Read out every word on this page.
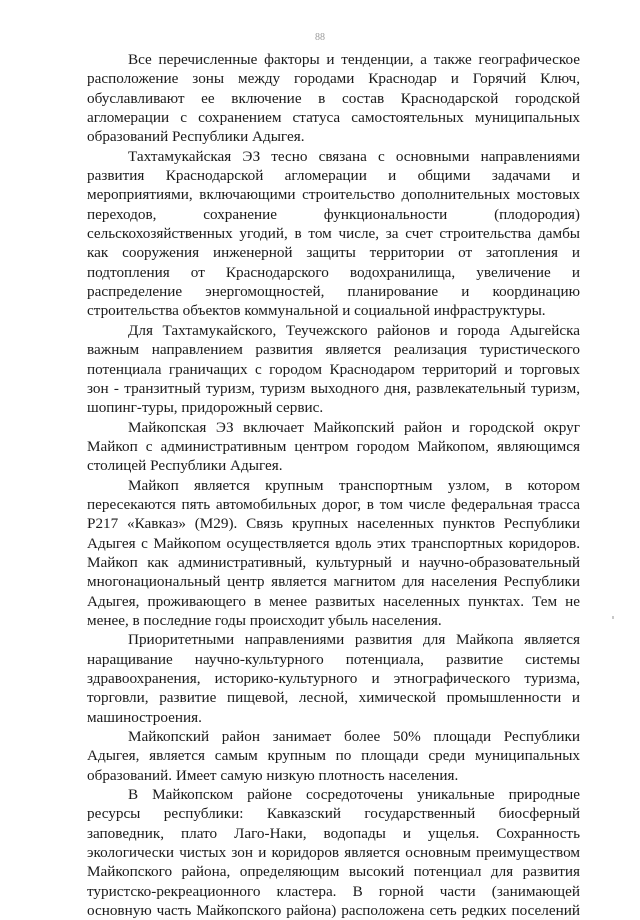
88
Все перечисленные факторы и тенденции, а также географическое
расположение зоны между городами Краснодар и Горячий Ключ,
обуславливают ее включение в состав Краснодарской городской
агломерации с сохранением статуса самостоятельных муниципальных
образований Республики Адыгея.
Тахтамукайская ЭЗ тесно связана с основными направлениями
развития Краснодарской агломерации и общими задачами и
мероприятиями, включающими строительство дополнительных мостовых
переходов, сохранение функциональности (плодородия)
сельскохозяйственных угодий, в том числе, за счет строительства дамбы
как сооружения инженерной защиты территории от затопления и
подтопления от Краснодарского водохранилища, увеличение и
распределение энергомощностей, планирование и координацию
строительства объектов коммунальной и социальной инфраструктуры.
Для Тахтамукайского, Теучежского районов и города Адыгейска
важным направлением развития является реализация туристического
потенциала граничащих с городом Краснодаром территорий и торговых
зон - транзитный туризм, туризм выходного дня, развлекательный туризм,
шопинг-туры, придорожный сервис.
Майкопская ЭЗ включает Майкопский район и городской округ
Майкоп с административным центром городом Майкопом, являющимся
столицей Республики Адыгея.
Майкоп является крупным транспортным узлом, в котором
пересекаются пять автомобильных дорог, в том числе федеральная трасса
Р217 «Кавказ» (М29). Связь крупных населенных пунктов Республики
Адыгея с Майкопом осуществляется вдоль этих транспортных коридоров.
Майкоп как административный, культурный и научно-образовательный
многонациональный центр является магнитом для населения Республики
Адыгея, проживающего в менее развитых населенных пунктах. Тем не
менее, в последние годы происходит убыль населения.
Приоритетными направлениями развития для Майкопа является
наращивание научно-культурного потенциала, развитие системы
здравоохранения, историко-культурного и этнографического туризма,
торговли, развитие пищевой, лесной, химической промышленности и
машиностроения.
Майкопский район занимает более 50% площади Республики
Адыгея, является самым крупным по площади среди муниципальных
образований. Имеет самую низкую плотность населения.
В Майкопском районе сосредоточены уникальные природные
ресурсы республики: Кавказский государственный биосферный
заповедник, плато Лаго-Наки, водопады и ущелья. Сохранность
экологически чистых зон и коридоров является основным преимуществом
Майкопского района, определяющим высокий потенциал для развития
туристско-рекреационного кластера. В горной части (занимающей
основную часть Майкопского района) расположена сеть редких поселений
